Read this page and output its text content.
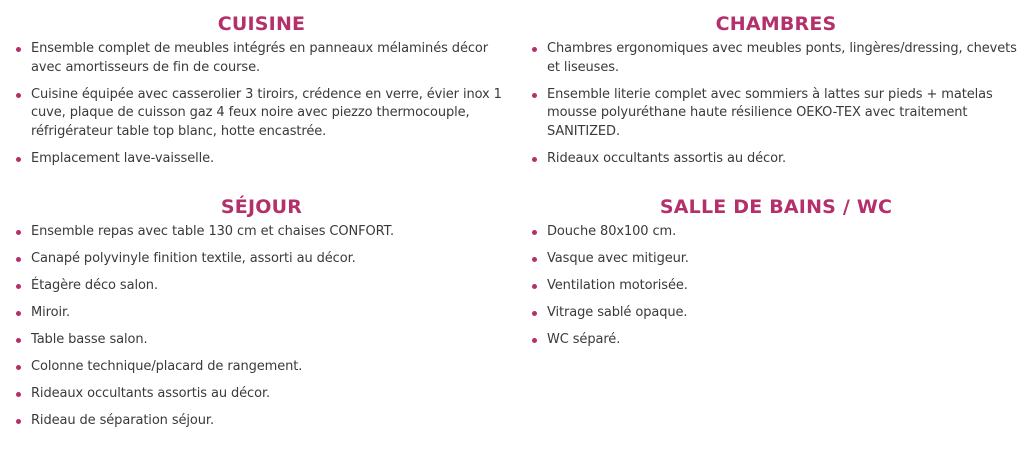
CUISINE
Ensemble complet de meubles intégrés en panneaux mélaminés décor avec amortisseurs de fin de course.
Cuisine équipée avec casserolier 3 tiroirs, crédence en verre, évier inox 1 cuve, plaque de cuisson gaz 4 feux noire avec piezzo thermocouple, réfrigérateur table top blanc, hotte encastrée.
Emplacement lave-vaisselle.
CHAMBRES
Chambres ergonomiques avec meubles ponts, lingères/dressing, chevets et liseuses.
Ensemble literie complet avec sommiers à lattes sur pieds + matelas mousse polyuréthane haute résilience OEKO-TEX avec traitement SANITIZED.
Rideaux occultants assortis au décor.
SÉJOUR
Ensemble repas avec table 130 cm et chaises CONFORT.
Canapé polyvinyle finition textile, assorti au décor.
Étagère déco salon.
Miroir.
Table basse salon.
Colonne technique/placard de rangement.
Rideaux occultants assortis au décor.
Rideau de séparation séjour.
SALLE DE BAINS / WC
Douche 80x100 cm.
Vasque avec mitigeur.
Ventilation motorisée.
Vitrage sablé opaque.
WC séparé.
